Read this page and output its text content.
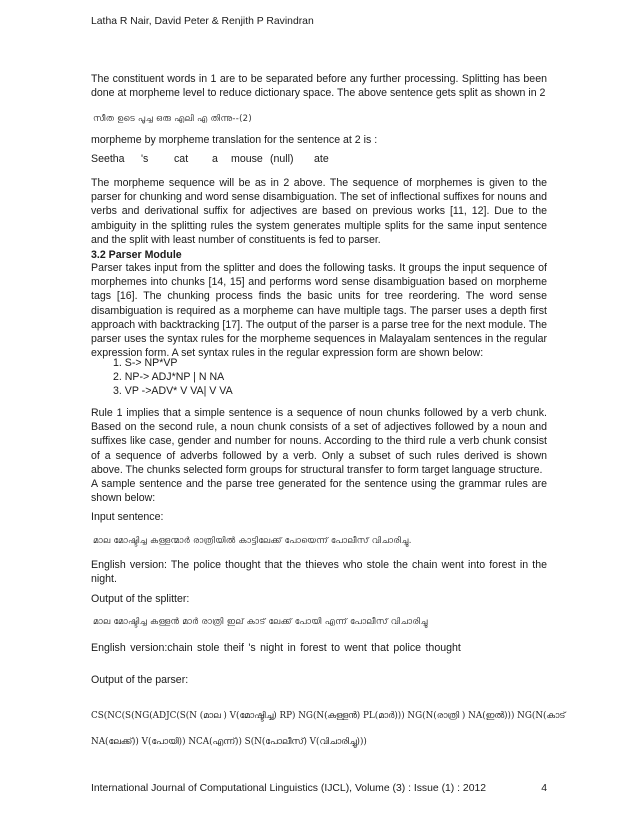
Latha R Nair, David Peter & Renjith P Ravindran
The constituent words in 1 are to be separated before any further processing. Splitting has been done at morpheme level to reduce dictionary space. The above sentence gets split as shown in 2
സീത ഉടെ പൂച്ച ഒരു എലി എ തിന്നു--(2)
morpheme by morpheme translation for the sentence at 2 is :
Seetha 's cat a mouse (null) ate
The morpheme sequence will be as in 2 above. The sequence of morphemes is given to the parser for chunking and word sense disambiguation. The set of inflectional suffixes for nouns and verbs and derivational suffix for adjectives are based on previous works [11, 12]. Due to the ambiguity in the splitting rules the system generates multiple splits for the same input sentence and the split with least number of constituents is fed to parser.
3.2 Parser Module
Parser takes input from the splitter and does the following tasks. It groups the input sequence of morphemes into chunks [14, 15] and performs word sense disambiguation based on morpheme tags [16]. The chunking process finds the basic units for tree reordering. The word sense disambiguation is required as a morpheme can have multiple tags. The parser uses a depth first approach with backtracking [17]. The output of the parser is a parse tree for the next module. The parser uses the syntax rules for the morpheme sequences in Malayalam sentences in the regular expression form. A set syntax rules in the regular expression form are shown below:
1. S-> NP*VP
2. NP-> ADJ*NP | N NA
3. VP ->ADV* V VA| V VA
Rule 1 implies that a simple sentence is a sequence of noun chunks followed by a verb chunk. Based on the second rule, a noun chunk consists of a set of adjectives followed by a noun and suffixes like case, gender and number for nouns. According to the third rule a verb chunk consist of a sequence of adverbs followed by a verb. Only a subset of such rules derived is shown above. The chunks selected form groups for structural transfer to form target language structure.
A sample sentence and the parse tree generated for the sentence using the grammar rules are shown below:
Input sentence:
മാല മോഷ്ടിച്ച കള്ളന്മാർ രാത്രിയിൽ കാട്ടിലേക്ക് പോയെന്ന് പോലീസ് വിചാരിച്ചു.
English version: The police thought that the thieves who stole the chain went into forest in the night.
Output of the splitter:
മാല മോഷ്ടിച്ച കള്ളൻ മാർ രാത്രി ഇല് കാട് ലേക്ക് പോയി എന്ന് പോലീസ് വിചാരിച്ചു
English version:chain stole theif 's night in forest to went that police thought
Output of the parser:
CS(NC(S(NG(ADJC(S(N (മാല ) V(മോഷ്ടിച്ച) RP) NG(N(കള്ളൻ) PL(മാർ))) NG(N(രാത്രി ) NA(ഇൽ))) NG(N(കാട്
NA(ലേക്ക്)) V(പോയി)) NCA(എന്ന്)) S(N(പോലീസ്) V(വിചാരിച്ചു)))
International Journal of Computational Linguistics (IJCL), Volume (3) : Issue (1) : 2012	4
